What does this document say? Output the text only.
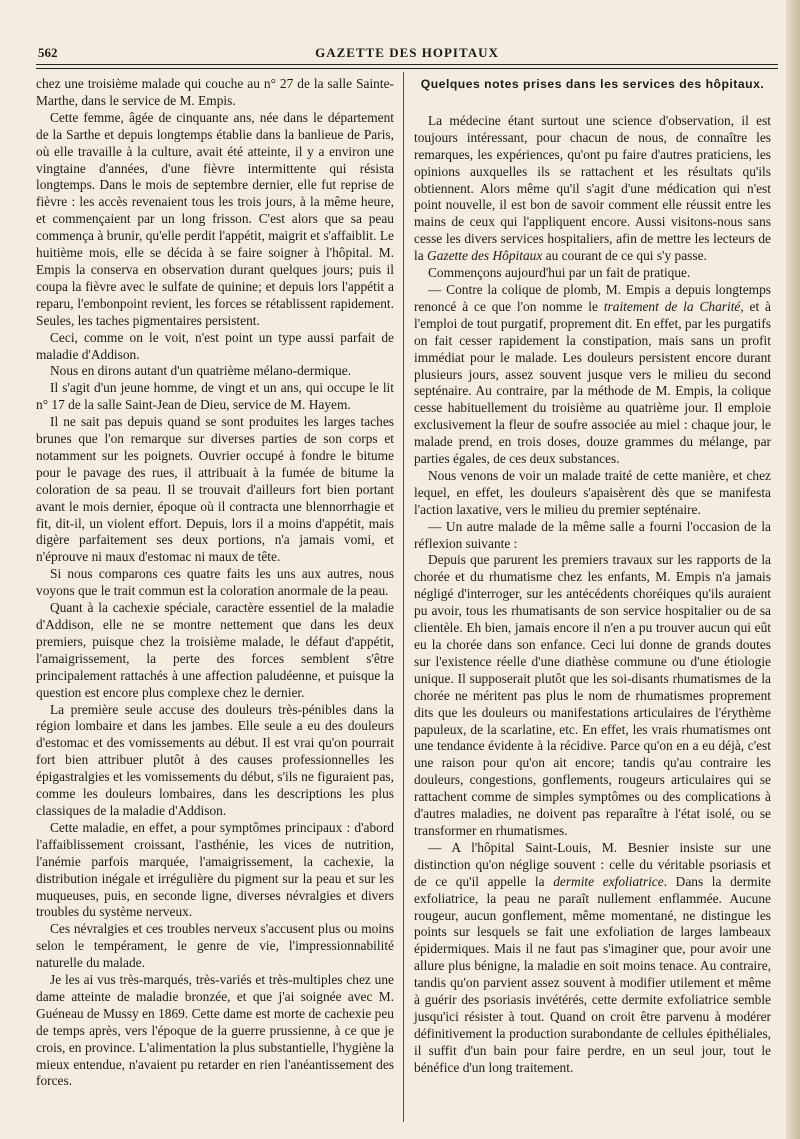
562	GAZETTE DES HOPITAUX

chez une troisième malade qui couche au n° 27 de la salle Sainte-Marthe, dans le service de M. Empis.

Cette femme, âgée de cinquante ans, née dans le département de la Sarthe et depuis longtemps établie dans la banlieue de Paris, où elle travaille à la culture, avait été atteinte, il y a environ une vingtaine d'années, d'une fièvre intermittente qui résista longtemps. Dans le mois de septembre dernier, elle fut reprise de fièvre : les accès revenaient tous les trois jours, à la même heure, et commençaient par un long frisson. C'est alors que sa peau commença à brunir, qu'elle perdit l'appétit, maigrit et s'affaiblit. Le huitième mois, elle se décida à se faire soigner à l'hôpital. M. Empis la conserva en observation durant quelques jours; puis il coupa la fièvre avec le sulfate de quinine; et depuis lors l'appétit a reparu, l'embonpoint revient, les forces se rétablissent rapidement. Seules, les taches pigmentaires persistent.

Ceci, comme on le voit, n'est point un type aussi parfait de maladie d'Addison.

Nous en dirons autant d'un quatrième mélano-dermique.

Il s'agit d'un jeune homme, de vingt et un ans, qui occupe le lit n° 17 de la salle Saint-Jean de Dieu, service de M. Hayem.

Il ne sait pas depuis quand se sont produites les larges taches brunes que l'on remarque sur diverses parties de son corps et notamment sur les poignets. Ouvrier occupé à fondre le bitume pour le pavage des rues, il attribuait à la fumée de bitume la coloration de sa peau. Il se trouvait d'ailleurs fort bien portant avant le mois dernier, époque où il contracta une blennorrhagie et fit, dit-il, un violent effort. Depuis, lors il a moins d'appétit, mais digère parfaitement ses deux portions, n'a jamais vomi, et n'éprouve ni maux d'estomac ni maux de tête.

Si nous comparons ces quatre faits les uns aux autres, nous voyons que le trait commun est la coloration anormale de la peau.

Quant à la cachexie spéciale, caractère essentiel de la maladie d'Addison, elle ne se montre nettement que dans les deux premiers, puisque chez la troisième malade, le défaut d'appétit, l'amaigrissement, la perte des forces semblent s'être principalement rattachés à une affection paludéenne, et puisque la question est encore plus complexe chez le dernier.

La première seule accuse des douleurs très-pénibles dans la région lombaire et dans les jambes. Elle seule a eu des douleurs d'estomac et des vomissements au début. Il est vrai qu'on pourrait fort bien attribuer plutôt à des causes professionnelles les épigastralgies et les vomissements du début, s'ils ne figuraient pas, comme les douleurs lombaires, dans les descriptions les plus classiques de la maladie d'Addison.

Cette maladie, en effet, a pour symptômes principaux : d'abord l'affaiblissement croissant, l'asthénie, les vices de nutrition, l'anémie parfois marquée, l'amaigrissement, la cachexie, la distribution inégale et irrégulière du pigment sur la peau et sur les muqueuses, puis, en seconde ligne, diverses névralgies et divers troubles du système nerveux.

Ces névralgies et ces troubles nerveux s'accusent plus ou moins selon le tempérament, le genre de vie, l'impressionnabilité naturelle du malade.

Je les ai vus très-marqués, très-variés et très-multiples chez une dame atteinte de maladie bronzée, et que j'ai soignée avec M. Guéneau de Mussy en 1869. Cette dame est morte de cachexie peu de temps après, vers l'époque de la guerre prussienne, à ce que je crois, en province. L'alimentation la plus substantielle, l'hygiène la mieux entendue, n'avaient pu retarder en rien l'anéantissement des forces.

Quelques notes prises dans les services des hôpitaux.

La médecine étant surtout une science d'observation, il est toujours intéressant, pour chacun de nous, de connaître les remarques, les expériences, qu'ont pu faire d'autres praticiens, les opinions auxquelles ils se rattachent et les résultats qu'ils obtiennent. Alors même qu'il s'agit d'une médication qui n'est point nouvelle, il est bon de savoir comment elle réussit entre les mains de ceux qui l'appliquent encore. Aussi visitons-nous sans cesse les divers services hospitaliers, afin de mettre les lecteurs de la Gazette des Hôpitaux au courant de ce qui s'y passe.

Commençons aujourd'hui par un fait de pratique.

— Contre la colique de plomb, M. Empis a depuis longtemps renoncé à ce que l'on nomme le traitement de la Charité, et à l'emploi de tout purgatif, proprement dit. En effet, par les purgatifs on fait cesser rapidement la constipation, mais sans un profit immédiat pour le malade. Les douleurs persistent encore durant plusieurs jours, assez souvent jusque vers le milieu du second septénaire. Au contraire, par la méthode de M. Empis, la colique cesse habituellement du troisième au quatrième jour. Il emploie exclusivement la fleur de soufre associée au miel : chaque jour, le malade prend, en trois doses, douze grammes du mélange, par parties égales, de ces deux substances.

Nous venons de voir un malade traité de cette manière, et chez lequel, en effet, les douleurs s'apaisèrent dès que se manifesta l'action laxative, vers le milieu du premier septénaire.

— Un autre malade de la même salle a fourni l'occasion de la réflexion suivante :

Depuis que parurent les premiers travaux sur les rapports de la chorée et du rhumatisme chez les enfants, M. Empis n'a jamais négligé d'interroger, sur les antécédents choréiques qu'ils auraient pu avoir, tous les rhumatisants de son service hospitalier ou de sa clientèle. Eh bien, jamais encore il n'en a pu trouver aucun qui eût eu la chorée dans son enfance. Ceci lui donne de grands doutes sur l'existence réelle d'une diathèse commune ou d'une étiologie unique. Il supposerait plutôt que les soi-disants rhumatismes de la chorée ne méritent pas plus le nom de rhumatismes proprement dits que les douleurs ou manifestations articulaires de l'érythème papuleux, de la scarlatine, etc. En effet, les vrais rhumatismes ont une tendance évidente à la récidive. Parce qu'on en a eu déjà, c'est une raison pour qu'on ait encore; tandis qu'au contraire les douleurs, congestions, gonflements, rougeurs articulaires qui se rattachent comme de simples symptômes ou des complications à d'autres maladies, ne doivent pas reparaître à l'état isolé, ou se transformer en rhumatismes.

— A l'hôpital Saint-Louis, M. Besnier insiste sur une distinction qu'on néglige souvent : celle du véritable psoriasis et de ce qu'il appelle la dermite exfoliatrice. Dans la dermite exfoliatrice, la peau ne paraît nullement enflammée. Aucune rougeur, aucun gonflement, même momentané, ne distingue les points sur lesquels se fait une exfoliation de larges lambeaux épidermiques. Mais il ne faut pas s'imaginer que, pour avoir une allure plus bénigne, la maladie en soit moins tenace. Au contraire, tandis qu'on parvient assez souvent à modifier utilement et même à guérir des psoriasis invétérés, cette dermite exfoliatrice semble jusqu'ici résister à tout. Quand on croit être parvenu à modérer définitivement la production surabondante de cellules épithéliales, il suffit d'un bain pour faire perdre, en un seul jour, tout le bénéfice d'un long traitement.
